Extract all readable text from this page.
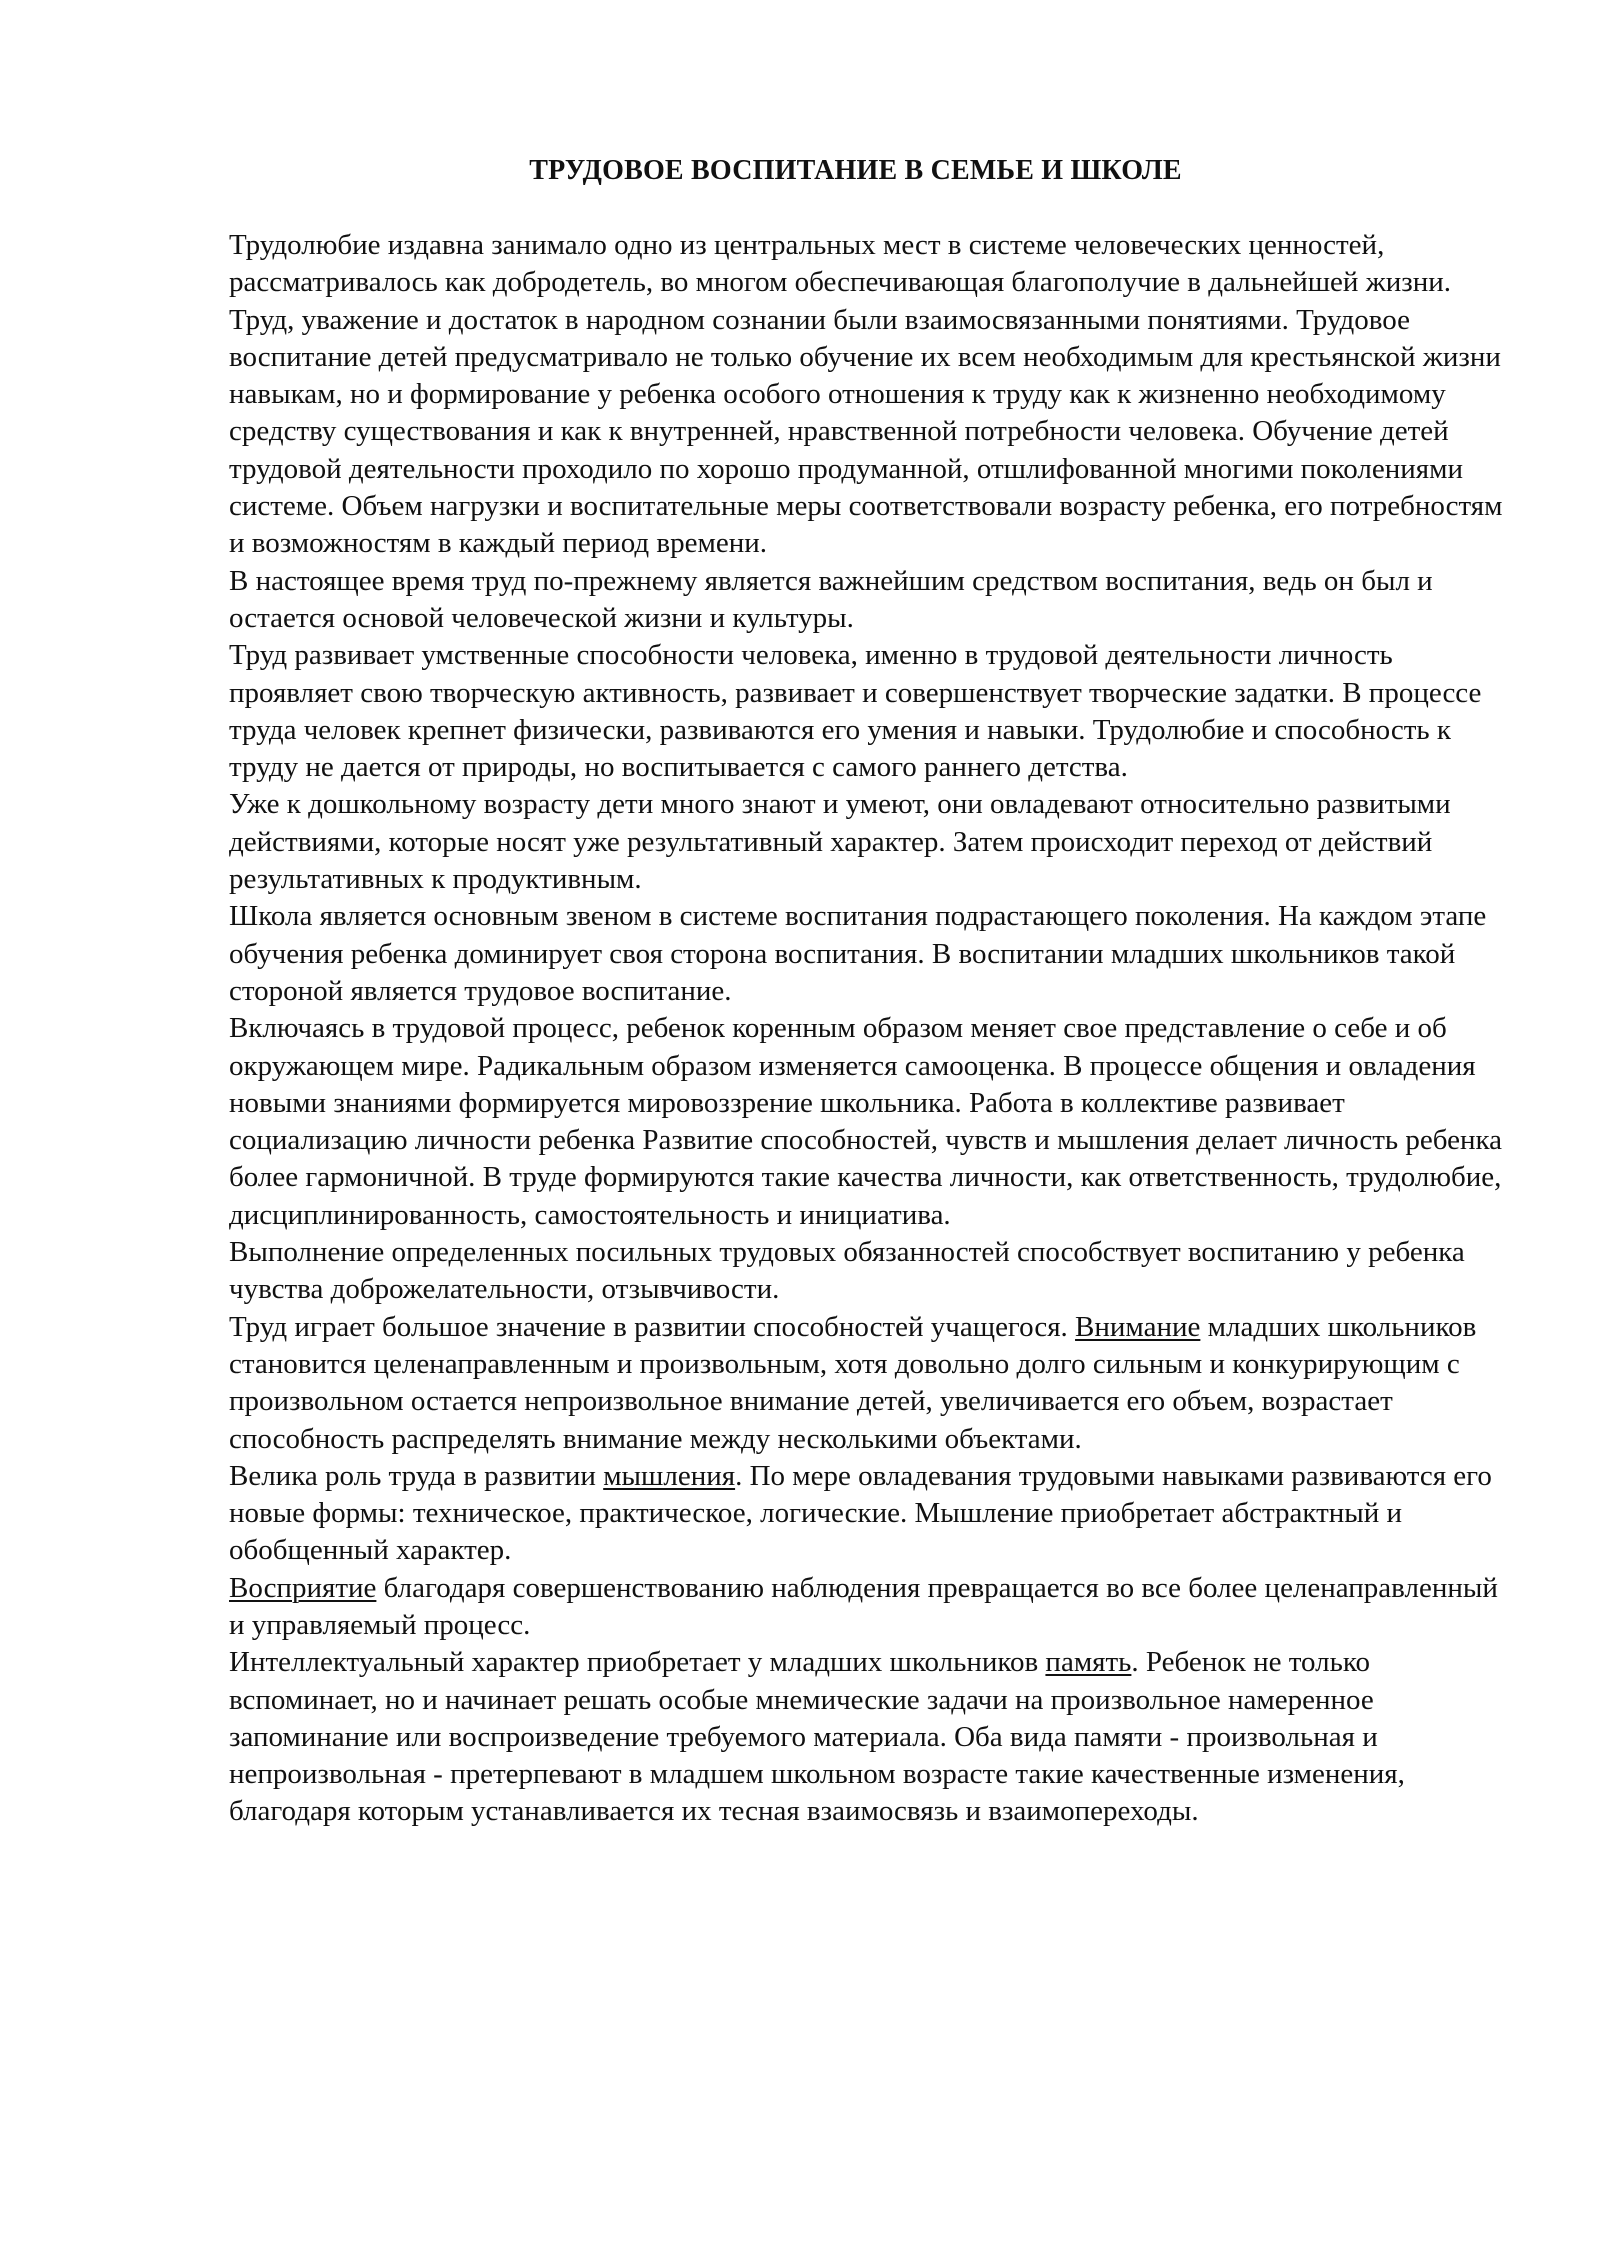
ТРУДОВОЕ ВОСПИТАНИЕ В СЕМЬЕ И ШКОЛЕ

Трудолюбие издавна занимало одно из центральных мест в системе человеческих ценностей, рассматривалось как добродетель, во многом обеспечивающая благополучие в дальнейшей жизни. Труд, уважение и достаток в народном сознании были взаимосвязанными понятиями. Трудовое воспитание детей предусматривало не только обучение их всем необходимым для крестьянской жизни навыкам, но и формирование у ребенка особого отношения к труду как к жизненно необходимому средству существования и как к внутренней, нравственной потребности человека. Обучение детей трудовой деятельности проходило по хорошо продуманной, отшлифованной многими поколениями системе. Объем нагрузки и воспитательные меры соответствовали возрасту ребенка, его потребностям и возможностям в каждый период времени.

В настоящее время труд по-прежнему является важнейшим средством воспитания, ведь он был и остается основой человеческой жизни и культуры.

Труд развивает умственные способности человека, именно в трудовой деятельности личность проявляет свою творческую активность, развивает и совершенствует творческие задатки. В процессе труда человек крепнет физически, развиваются его умения и навыки. Трудолюбие и способность к труду не дается от природы, но воспитывается с самого раннего детства.

Уже к дошкольному возрасту дети много знают и умеют, они овладевают относительно развитыми действиями, которые носят уже результативный характер. Затем происходит переход от действий результативных к продуктивным.

Школа является основным звеном в системе воспитания подрастающего поколения. На каждом этапе обучения ребенка доминирует своя сторона воспитания. В воспитании младших школьников такой стороной является трудовое воспитание.

Включаясь в трудовой процесс, ребенок коренным образом меняет свое представление о себе и об окружающем мире. Радикальным образом изменяется самооценка. В процессе общения и овладения новыми знаниями формируется мировоззрение школьника. Работа в коллективе развивает социализацию личности ребенка Развитие способностей, чувств и мышления делает личность ребенка более гармоничной. В труде формируются такие качества личности, как ответственность, трудолюбие, дисциплинированность, самостоятельность и инициатива.

Выполнение определенных посильных трудовых обязанностей способствует воспитанию у ребенка чувства доброжелательности, отзывчивости.

Труд играет большое значение в развитии способностей учащегося. Внимание младших школьников становится целенаправленным и произвольным, хотя довольно долго сильным и конкурирующим с произвольном остается непроизвольное внимание детей, увеличивается его объем, возрастает способность распределять внимание между несколькими объектами.

Велика роль труда в развитии мышления. По мере овладевания трудовыми навыками развиваются его новые формы: техническое, практическое, логические. Мышление приобретает абстрактный и обобщенный характер.

Восприятие благодаря совершенствованию наблюдения превращается во все более целенаправленный и управляемый процесс.

Интеллектуальный характер приобретает у младших школьников память. Ребенок не только вспоминает, но и начинает решать особые мнемические задачи на произвольное намеренное запоминание или воспроизведение требуемого материала. Оба вида памяти - произвольная и непроизвольная - претерпевают в младшем школьном возрасте такие качественные изменения, благодаря которым устанавливается их тесная взаимосвязь и взаимопереходы.
